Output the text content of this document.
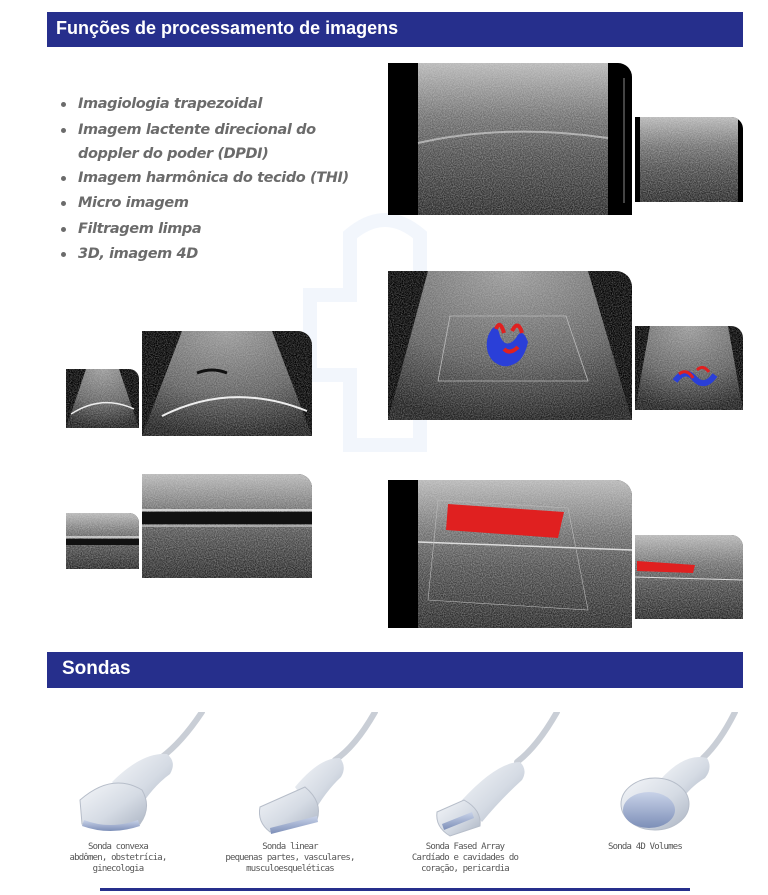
Funções de processamento de imagens
Imagiologia trapezoidal
Imagem lactente direcional do doppler do poder (DPDI)
Imagem harmônica do tecido (THI)
Micro imagem
Filtragem limpa
3D, imagem 4D
Sondas
Sonda convexa
abdômen, obstetrícia, ginecologia
Sonda linear
pequenas partes, vasculares, musculoesqueléticas
Sonda Fased Array
Cardíado e cavidades do coração, pericardia
Sonda 4D Volumes
